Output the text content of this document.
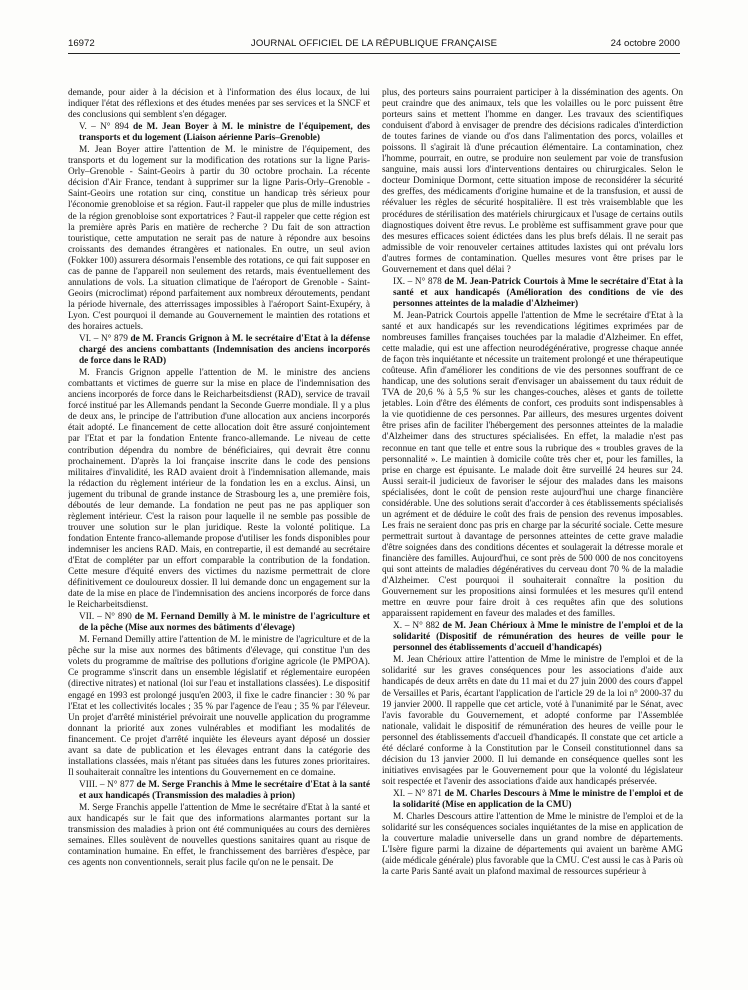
16972	JOURNAL OFFICIEL DE LA RÉPUBLIQUE FRANÇAISE	24 octobre 2000

demande, pour aider à la décision et à l'information des élus locaux, de lui indiquer l'état des réflexions et des études menées par ses services et la SNCF et des conclusions qui semblent s'en dégager.

V. – N° 894 de M. Jean Boyer à M. le ministre de l'équipement, des transports et du logement (Liaison aérienne Paris–Grenoble)

M. Jean Boyer attire l'attention de M. le ministre de l'équipement, des transports et du logement sur la modification des rotations sur la ligne Paris-Orly–Grenoble - Saint-Geoirs à partir du 30 octobre prochain. La récente décision d'Air France, tendant à supprimer sur la ligne Paris-Orly–Grenoble - Saint-Geoirs une rotation sur cinq, constitue un handicap très sérieux pour l'économie grenobloise et sa région. Faut-il rappeler que plus de mille industries de la région grenobloise sont exportatrices ? Faut-il rappeler que cette région est la première après Paris en matière de recherche ? Du fait de son attraction touristique, cette amputation ne serait pas de nature à répondre aux besoins croissants des demandes étrangères et nationales. En outre, un seul avion (Fokker 100) assurera désormais l'ensemble des rotations, ce qui fait supposer en cas de panne de l'appareil non seulement des retards, mais éventuellement des annulations de vols. La situation climatique de l'aéroport de Grenoble - Saint-Geoirs (microclimat) répond parfaitement aux nombreux déroutements, pendant la période hivernale, des atterrissages impossibles à l'aéroport Saint-Exupéry, à Lyon. C'est pourquoi il demande au Gouvernement le maintien des rotations et des horaires actuels.

VI. – N° 879 de M. Francis Grignon à M. le secrétaire d'Etat à la défense chargé des anciens combattants (Indemnisation des anciens incorporés de force dans le RAD)

M. Francis Grignon appelle l'attention de M. le ministre des anciens combattants et victimes de guerre sur la mise en place de l'indemnisation des anciens incorporés de force dans le Reicharbeitsdienst (RAD), service de travail forcé institué par les Allemands pendant la Seconde Guerre mondiale. Il y a plus de deux ans, le principe de l'attribution d'une allocation aux anciens incorporés était adopté. Le financement de cette allocation doit être assuré conjointement par l'Etat et par la fondation Entente franco-allemande. Le niveau de cette contribution dépendra du nombre de bénéficiaires, qui devrait être connu prochainement. D'après la loi française inscrite dans le code des pensions militaires d'invalidité, les RAD avaient droit à l'indemnisation allemande, mais la rédaction du règlement intérieur de la fondation les en a exclus. Ainsi, un jugement du tribunal de grande instance de Strasbourg les a, une première fois, déboutés de leur demande. La fondation ne peut pas ne pas appliquer son règlement intérieur. C'est la raison pour laquelle il ne semble pas possible de trouver une solution sur le plan juridique. Reste la volonté politique. La fondation Entente franco-allemande propose d'utiliser les fonds disponibles pour indemniser les anciens RAD. Mais, en contrepartie, il est demandé au secrétaire d'Etat de compléter par un effort comparable la contribution de la fondation. Cette mesure d'équité envers des victimes du nazisme permettrait de clore définitivement ce douloureux dossier. Il lui demande donc un engagement sur la date de la mise en place de l'indemnisation des anciens incorporés de force dans le Reicharbeitsdienst.

VII. – N° 890 de M. Fernand Demilly à M. le ministre de l'agriculture et de la pêche (Mise aux normes des bâtiments d'élevage)

M. Fernand Demilly attire l'attention de M. le ministre de l'agriculture et de la pêche sur la mise aux normes des bâtiments d'élevage, qui constitue l'un des volets du programme de maîtrise des pollutions d'origine agricole (le PMPOA). Ce programme s'inscrit dans un ensemble législatif et réglementaire européen (directive nitrates) et national (loi sur l'eau et installations classées). Le dispositif engagé en 1993 est prolongé jusqu'en 2003, il fixe le cadre financier : 30 % par l'Etat et les collectivités locales ; 35 % par l'agence de l'eau ; 35 % par l'éleveur. Un projet d'arrêté ministériel prévoirait une nouvelle application du programme donnant la priorité aux zones vulnérables et modifiant les modalités de financement. Ce projet d'arrêté inquiète les éleveurs ayant déposé un dossier avant sa date de publication et les élevages entrant dans la catégorie des installations classées, mais n'étant pas situées dans les futures zones prioritaires. Il souhaiterait connaître les intentions du Gouvernement en ce domaine.

VIII. – N° 877 de M. Serge Franchis à Mme le secrétaire d'Etat à la santé et aux handicapés (Transmission des maladies à prion)

M. Serge Franchis appelle l'attention de Mme le secrétaire d'Etat à la santé et aux handicapés sur le fait que des informations alarmantes portant sur la transmission des maladies à prion ont été communiquées au cours des dernières semaines. Elles soulèvent de nouvelles questions sanitaires quant au risque de contamination humaine. En effet, le franchissement des barrières d'espèce, par ces agents non conventionnels, serait plus facile qu'on ne le pensait. De

plus, des porteurs sains pourraient participer à la dissémination des agents. On peut craindre que des animaux, tels que les volailles ou le porc puissent être porteurs sains et mettent l'homme en danger. Les travaux des scientifiques conduisent d'abord à envisager de prendre des décisions radicales d'interdiction de toutes farines de viande ou d'os dans l'alimentation des porcs, volailles et poissons. Il s'agirait là d'une précaution élémentaire. La contamination, chez l'homme, pourrait, en outre, se produire non seulement par voie de transfusion sanguine, mais aussi lors d'interventions dentaires ou chirurgicales. Selon le docteur Dominique Dormont, cette situation impose de reconsidérer la sécurité des greffes, des médicaments d'origine humaine et de la transfusion, et aussi de réévaluer les règles de sécurité hospitalière. Il est très vraisemblable que les procédures de stérilisation des matériels chirurgicaux et l'usage de certains outils diagnostiques doivent être revus. Le problème est suffisamment grave pour que des mesures efficaces soient édictées dans les plus brefs délais. Il ne serait pas admissible de voir renouveler certaines attitudes laxistes qui ont prévalu lors d'autres formes de contamination. Quelles mesures vont être prises par le Gouvernement et dans quel délai ?

IX. – N° 878 de M. Jean-Patrick Courtois à Mme le secrétaire d'Etat à la santé et aux handicapés (Amélioration des conditions de vie des personnes atteintes de la maladie d'Alzheimer)

M. Jean-Patrick Courtois appelle l'attention de Mme le secrétaire d'Etat à la santé et aux handicapés sur les revendications légitimes exprimées par de nombreuses familles françaises touchées par la maladie d'Alzheimer. En effet, cette maladie, qui est une affection neurodégénérative, progresse chaque année de façon très inquiétante et nécessite un traitement prolongé et une thérapeutique coûteuse. Afin d'améliorer les conditions de vie des personnes souffrant de ce handicap, une des solutions serait d'envisager un abaissement du taux réduit de TVA de 20,6 % à 5,5 % sur les changes-couches, alèses et gants de toilette jetables. Loin d'être des éléments de confort, ces produits sont indispensables à la vie quotidienne de ces personnes. Par ailleurs, des mesures urgentes doivent être prises afin de faciliter l'hébergement des personnes atteintes de la maladie d'Alzheimer dans des structures spécialisées. En effet, la maladie n'est pas reconnue en tant que telle et entre sous la rubrique des « troubles graves de la personnalité ». Le maintien à domicile coûte très cher et, pour les familles, la prise en charge est épuisante. Le malade doit être surveillé 24 heures sur 24. Aussi serait-il judicieux de favoriser le séjour des malades dans les maisons spécialisées, dont le coût de pension reste aujourd'hui une charge financière considérable. Une des solutions serait d'accorder à ces établissements spécialisés un agrément et de déduire le coût des frais de pension des revenus imposables. Les frais ne seraient donc pas pris en charge par la sécurité sociale. Cette mesure permettrait surtout à davantage de personnes atteintes de cette grave maladie d'être soignées dans des conditions décentes et soulagerait la détresse morale et financière des familles. Aujourd'hui, ce sont près de 500 000 de nos concitoyens qui sont atteints de maladies dégénératives du cerveau dont 70 % de la maladie d'Alzheimer. C'est pourquoi il souhaiterait connaître la position du Gouvernement sur les propositions ainsi formulées et les mesures qu'il entend mettre en œuvre pour faire droit à ces requêtes afin que des solutions apparaissent rapidement en faveur des malades et des familles.

X. – N° 882 de M. Jean Chérioux à Mme le ministre de l'emploi et de la solidarité (Dispositif de rémunération des heures de veille pour le personnel des établissements d'accueil d'handicapés)

M. Jean Chérioux attire l'attention de Mme le ministre de l'emploi et de la solidarité sur les graves conséquences pour les associations d'aide aux handicapés de deux arrêts en date du 11 mai et du 27 juin 2000 des cours d'appel de Versailles et Paris, écartant l'application de l'article 29 de la loi n° 2000-37 du 19 janvier 2000. Il rappelle que cet article, voté à l'unanimité par le Sénat, avec l'avis favorable du Gouvernement, et adopté conforme par l'Assemblée nationale, validait le dispositif de rémunération des heures de veille pour le personnel des établissements d'accueil d'handicapés. Il constate que cet article a été déclaré conforme à la Constitution par le Conseil constitutionnel dans sa décision du 13 janvier 2000. Il lui demande en conséquence quelles sont les initiatives envisagées par le Gouvernement pour que la volonté du législateur soit respectée et l'avenir des associations d'aide aux handicapés préservée.

XI. – N° 871 de M. Charles Descours à Mme le ministre de l'emploi et de la solidarité (Mise en application de la CMU)

M. Charles Descours attire l'attention de Mme le ministre de l'emploi et de la solidarité sur les conséquences sociales inquiétantes de la mise en application de la couverture maladie universelle dans un grand nombre de départements. L'Isère figure parmi la dizaine de départements qui avaient un barème AMG (aide médicale générale) plus favorable que la CMU. C'est aussi le cas à Paris où la carte Paris Santé avait un plafond maximal de ressources supérieur à
